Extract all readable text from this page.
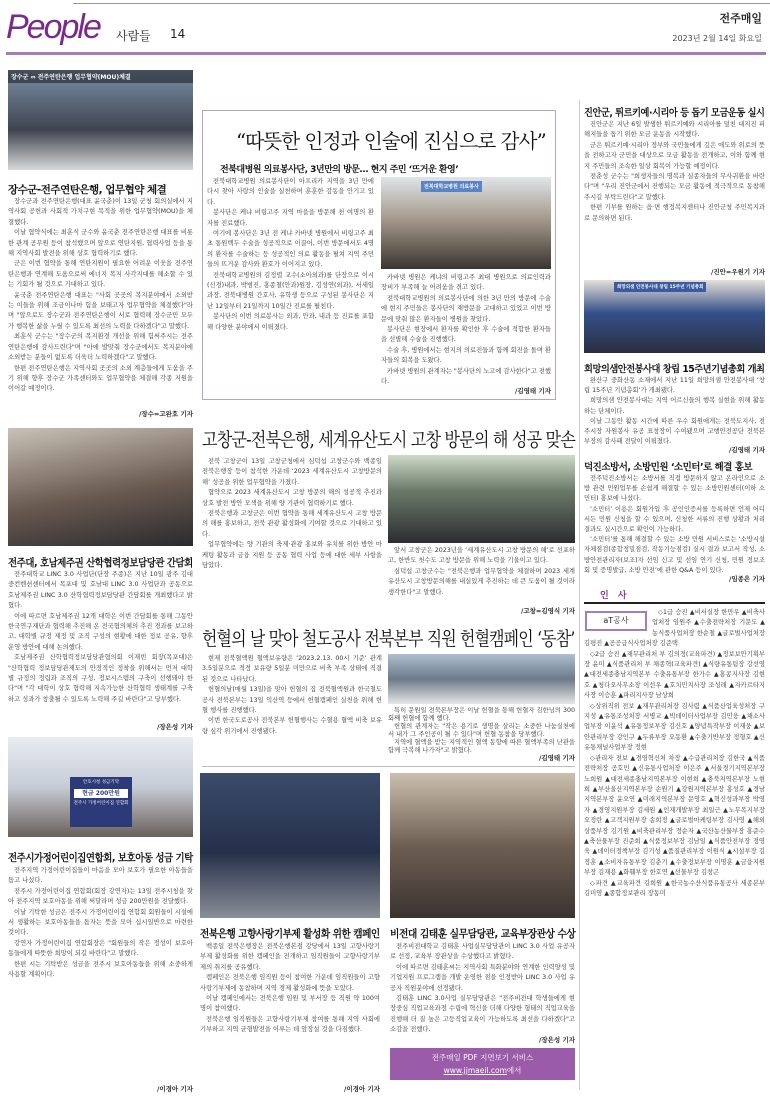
People 사람들 14
전주매일
2023년 2월 14일 화요일
장수군 ⇔ 전주연탄은행 업무협약(MOU)체결
장수군-전주연탄은행, 업무협약 체결

장수군과 전주연탄은행(대표 윤국춘)이 13일 군청 회의실에서 지역사회 공헌과 사회적 가치구현 목적을 위한 업무협약(MOU)을 체결했다.

이날 협약식에는 최훈식 군수와 윤국춘 전주연탄은행 대표를 비롯한 관계 공무원 등이 참석했으며 앞으로 연탄지원, 협력사업 등을 통해 지역사회 발전을 위해 상호 협력하기로 했다.

군은 이번 협약을 통해 연탄지원이 필요한 어려운 이웃을 전주연탄은행과 연계해 도움으로써 에너지 복지 사각지대를 해소할 수 있는 기회가 될 것으로 기대하고 있다.

윤국춘 전주연탄은행 대표는 "사회 곳곳의 복지분야에서 소외받는 이들을 위해 조금이나마 힘을 보태고자 업무협약을 체결했다"라며 "앞으로도 장수군과 전주연탄은행이 서로 협력해 장수군민 모두가 행복한 삶을 누릴 수 있도록 최선의 노력을 다하겠다"고 말했다.

최훈식 군수는 "장수군의 복지환경 개선을 위해 힘써주시는 전주연탄은행에 감사드린다"며 "아에 발맞춰 장수군에서도 복지분야에 소외받는 분들이 없도록 더욱더 노력하겠다"고 말했다.

한편 전주연탄은행은 지역사회 곳곳의 소외 계층들에게 도움을 주기 위해 향후 장수군 가족센터와도 업무협약을 체결해 각종 지원을 이어갈 예정이다.

/장수=고완호 기자
전주대, 호남제주권 산학협력정보담당관 간담회

전주대학교 LINC 3.0 사업단(단장 주종)은 지난 10일 광주 김대중컨벤션센터에서 목포대 및 호남대 LINC 3.0 사업단과 공동으로 호남제주권 LINC 3.0 산학협력정보담당관 간담회를 개최했다고 밝혔다.

이에 따르면 호남제주권 12개 대학은 이번 간담회를 통해 그동안 한국연구재단과 협력해 추진해 온 전국협의체의 추진 경과를 보고하고, 대학별 규정 제정 및 조직 구성의 현황에 대한 정보 공유, 향후 운영 방안에 대해 논의했다.

호남제주권 산학협력정보담당관협의회 이재빈 회장(목포대)은 "산학협력 정보담당관제도의 안정적인 정착을 위해서는 먼저 대학별 규정의 정립과 조직의 구성, 정보시스템의 구축이 선행돼야 한다"며 "각 대학이 상호 협력해 지속가능한 산학협력 생태계를 구축하고 성과가 창출될 수 있도록 노력해 주길 바란다"고 당부했다.

/장은성 기자
안호시청 성금기탁
현금 200만원
전주시 가정어린이집 연합회
전주시가정어린이집연합회, 보호아동 성금 기탁

전주지역 가정어린이집들이 마음을 모아 보호가 필요한 아동들을 돕고 나섰다.

전주시 가정어린이집 연합회(회장 강연자)는 13일 전주시청을 찾아 전주지역 보호아동을 위해 써달라며 성금 200만원을 전달했다.

이날 기탁한 성금은 전주시 가정어린이집 연합회 회원들이 시설에서 생활하는 보호아동들을 돕자는 뜻을 모아 십시일반으로 마련한 것이다.

강연자 가정어린이집 연합회장은 "회원들의 작은 정성이 보호아동들에게 따뜻한 희망이 되길 바란다"고 말했다.

한편 시는 기탁받은 성금을 전주시 보호아동들을 위해 소중하게 사용할 계획이다.

/이경아 기자
“따뜻한 인정과 인술에 진심으로 감사”
전북대병원 의료봉사단, 3년만의 방문… 현지 주민 ‘뜨거운 환영’

전북대학교병원 의료봉사단이 아프리카 지역을 3년 만에 다시 찾아 사랑의 인술을 실천하며 훈훈한 감동을 안기고 있다.

봉사단은 케냐 비링고주 지역 마을을 방문해 천 여명의 환자를 진료했다.

여기에 봉사단은 3년 전 케냐 카바넷 병원에서 비링고주 최초 통원백두 수술을 성공적으로 이끌어, 이번 방문에서도 4명의 환자를 수술하는 등 성공적인 의료 활동을 펼쳐 지역 주민들의 뜨거운 감사와 환호가 이어지고 있다.

전북대학교병원의 김정렬 교수(소아외과)를 단장으로 이시(신경)내과, 박범진, 홍종철(안과)원장, 김성연(외과), 서세일 과장, 전북대병원 간호사, 유학생 등으로 구성된 봉사단은 지난 12일부터 21일까지 10일간 진료를 펼친다.

봉사단의 이번 의료봉사는 외과, 안과, 내과 등 진료를 포함해 다양한 분야에서 이뤄졌다.

전북대학교병원 의료봉사

카바넷 병원은 케냐의 비링고주 최대 병원으로 의료인력과 장비가 부족해 늘 어려움을 겪고 있다.

전북대학교병원의 의료봉사단에 의한 3년 만의 방문에 수술에 현지 주민들은 봉사단의 재방문을 고대하고 있었고 이번 방문에 맞춰 많은 환자들이 병원을 찾았다.

봉사단은 현장에서 환자를 확인한 후 수술에 적합한 환자들을 선별해 수술을 진행했다.

수술 후, 병원에서는 현지의 의료진들과 함께 회진을 돌며 환자들의 회복을 도왔다.

카바넷 병원의 관계자는 "봉사단의 노고에 감사한다"고 전했다.

/김영태 기자
고창군-전북은행, 세계유산도시 고창 방문의 해 성공 맞손

전북 고창군이 13일 고창군청에서 심덕섭 고창군수와 백종일 전북은행장 등이 참석한 가운데 ‘2023 세계유산도시 고창방문의 해’ 성공을 위한 업무협약을 가졌다.

협약으로 2023 세계유산도시 고창 방문의 해의 성공적 추진과 상호 발전 방안 모색을 위해 양 기관이 협력하기로 했다.

전북은행과 고창군은 이번 협약을 통해 세계유산도시 고창 방문의 해를 홍보하고, 전북 관광 활성화에 기여할 것으로 기대하고 있다.

업무협약에는 양 기관의 축제·관광 홍보와 유치를 위한 방안 마케팅 활동과 금융 지원 등 공동 협력 사업 등에 대한 세부 사항을 담았다.

앞서 고창군은 2023년을 ‘세계유산도시 고창 방문의 해’로 선포하고, 한반도 첫수도 고창 방문을 위해 노력을 기울이고 있다.

심덕섭 고창군수는 "전북은행과 업무협약을 체결하며 2023 세계유산도시 고창방문의해를 내실있게 추진하는 데 큰 도움이 될 것이라 생각한다"고 말했다.

/고창=김영식 기자
헌혈의 날 맞아 철도공사 전북본부 직원 헌혈캠페인 ‘동참’

현재 전북혈액원 혈액보유량은 ‘2023.2.13. 00시 기준’ 관계 3.5일분으로 적정 보유량 5일분 미만으로 비축 부족 상태에 직결된 것으로 나타났다.

헌혈의날(매월 13일)을 맞아 헌혈의 집 전북혈액원과 한국철도공사 전북본부는 13일 익산역 등에서 헌혈캠페인 실천을 위해 헌혈 행사를 진행했다.

이번 한국도로공사 전북본부 헌혈행사는 수혈용 혈액 비축 보유량 심각 위기에서 진행됐다.

특히 문원일 전북본부장은 이날 헌혈을 통해 헌혈자 김한님의 300회째 헌혈에 함께 했다.

헌혈의 관계자는 "작은 용기로 생명을 살리는 소중한 나눔실천에서 내가 그 주인공이 될 수 있다"며 헌혈 동참을 당부했다.

지역에 혈액을 받는 지역적인 혈액 동향에 따른 혈액부족의 난관을 함께 극복해 나가자"고 밝혔다.

/김영태 기자
전북은행 고향사랑기부제 활성화 위한 캠페인

백종일 전북은행장은 전북은행본점 강당에서 13일 고향사랑기부제 활성화를 위한 캠페인을 전개하고 임직원들이 고향사랑기부제의 취지를 공유했다.

캠페인은 전북은행 임직원 등이 참여한 가운데 임직원들이 고향사랑기부제에 동참하며 지역 경제 활성화에 뜻을 모았다.

이날 캠페인에서는 전북은행 임원 및 부서장 등 직원 약 100여 명이 참여했다.

전북은행 임직원들은 고향사랑기부제 참여를 통해 지역 사회에 기부하고 지역 균형발전을 이루는 데 앞장설 것을 다짐했다.

/이경아 기자
비전대 김태훈 실무담당관, 교육부장관상 수상

전주비전대학교 김태훈 사업실무담당관이 LINC 3.0 사업 유공자로 선정, 교육부 장관상을 수상했다고 밝혔다.

이에 따르면 김태훈씨는 지역사회 특화분야와 연계한 인력양성 및 기업지원 프로그램을 개발 운영한 점을 인정받아 LINC 3.0 사업 유공자 직원분야에 선정됐다.

김태훈 LINC 3.0사업 실무담당관은 "전주비전대 학생들에게 현장중심 직업교육과정 수립에 혁신을 더해 다양한 형태의 직업교육을 진행해 더 질 높은 고등직업교육이 가능하도록 최선을 다하겠다"고 소감을 전했다.

/장은성 기자
전주매일 PDF 지면보기 서비스
www.jjmaeil.com에서
진안군, 튀르키예·시리아 등 돕기 모금운동 실시

진안군은 지난 6일 발생한 튀르키예와 시리아를 덮친 대지진 피해지들을 돕기 위한 모금 운동을 시작했다.

군은 튀르키예·시리아 정부와 국민들에게 깊은 애도와 위로의 뜻을 전하고자 군민을 대상으로 모금 활동을 전개하고, 이와 함께 현지 주민들의 조속한 일상 회복이 가능할 예정이다.

전춘성 군수는 "희생자들의 명복과 실종자들의 무사귀환을 바란다"며 "우리 진안군에서 진행되는 모금 활동에 적극적으로 동참해 주시길 부탁드린다"고 말했다.

한편 기부를 원하는 읍·면 행정복지센터나 진안군청 주민복지과로 문의하면 된다.

/진안=우원기 기자
희망의샘 안전봉사대 창립 15주년 기념총회
희망의샘안전봉사대 창립 15주년기념총회 개최

완산구 중화산동 소재에서 지난 11일 희망의샘 안전봉사대 ‘창립 15주년 기념총회’가 개최됐다.

희망의샘 안전봉사대는 지역 어르신들의 행복 실현을 위해 활동하는 단체이다.

이날 그동안 활동 시간에 따른 우수 회원에게는 전북도지사, 전주시장 자원봉사 유공 표창장이 수여됐으며 고행안전공단 전북본부장의 감사패 전달이 이뤄졌다.

/김영태 기자
덕진소방서, 소방민원 ‘소민터’로 해결 홍보

전주덕진소방서는 소방서를 직접 방문하지 않고 온라인으로 소방 관련 민원업무를 손쉽게 해결할 수 있는 소방민원센터(이하 소민터) 홍보에 나섰다.

‘소민터’ 이용은 회원가입 후 공인인증서를 등록하면 언제 어디서든 민원 신청을 할 수 있으며, 신청한 서류의 진행 상황과 처리 결과도 실시간으로 확인이 가능하다.

‘소민터’를 통해 해결할 수 있는 소방 민원 서비스로는 ‘소방시설 자체점검(종합정밀점검, 작동기능점검) 실시 결과 보고서 작성, 소방안전관리자(보조)자 선임 신고 및 선임 연기 신청, 민원 정보조회 및 증명발급, 소방 안전’에 관한 Q&A 등이 있다.

/임종은 기자
인 사
aT공사

◇1급 승진 ▲비서실장 한만우 ▲비축사업처장 임원주 ▲수출전략처장 기문도 ▲농식품사업처장 한순철 ▲글로벌사업처장 김평진 ▲공공급식사업처장 김준택

◇2급 승진 ▲재무관리처 부 김의정(교육파견) ▲정보보안기획부장 윤미 ▲식품관리처 부 채종혁(교육파견) ▲식량유통팀장 강선영 ▲대전세종충남지역본부 수출유통부장 한가수 ▲홍콩지사장 김현호 ▲청다오사무소장 이선우 ▲호치민지사장 조성래 ▲자카르타지사장 이승훈 ▲파리지사장 남상희

◇상위직위 전보 ▲재무관리처장 김사렴 ▲식품산업육성처장 구지성 ▲유통조성처장 서병교 ▲빅데이터사업부장 김민웅 ▲채소사업부장 이윤석 ▲유통정보부장 김신호 ▲양념특작부장 이재웅 ▲보안관리부장 강인구 ▲두류부장 오동환 ▲수출기반부장 정형호 ▲신유통채널사업부장 정현

◇관리자 전보 ▲경영혁신처 차장 ▲수급관리처장 김한국 ▲식품전략처장 공호민 ▲신유통사업처장 이은주 ▲서울경기지역본부장 노희원 ▲대전세종충남지역본부장 이현희 ▲충북지역본부장 노현희 ▲부산울산지역본부장 손원기 ▲강원지역본부장 홍성호 ▲경남지역본부장 윤오연 ▲미래지역본부장 문영호 ▲혁신성과부장 박영자 ▲경영지원부장 김세원 ▲인재개발부장 최일근 ▲노무복지부장 오정란 ▲고객지원부장 송희정 ▲글로벌마케팅부장 김사영 ▲해외상품부장 김기원 ▲비축관리부장 정순자 ▲국산농산물부장 홍준수 ▲축산물부장 진준희 ▲식품정보부장 김남일 ▲식품안전부장 정영욱 ▲데이터정책부장 김기성 ▲품질관리부장 이원식 ▲시설부장 김정훈 ▲소비자유통부장 김춘기 ▲수출정보부장 이명훈 ▲금융지원부장 김재용 ▲화훼부장 한호연 ▲선물부장 김창곤

◇파견 ▲교육파견 김희원 ▲한국농수산식품유통공사 세종본부 김미영 ▲종합정보관리 장동미
